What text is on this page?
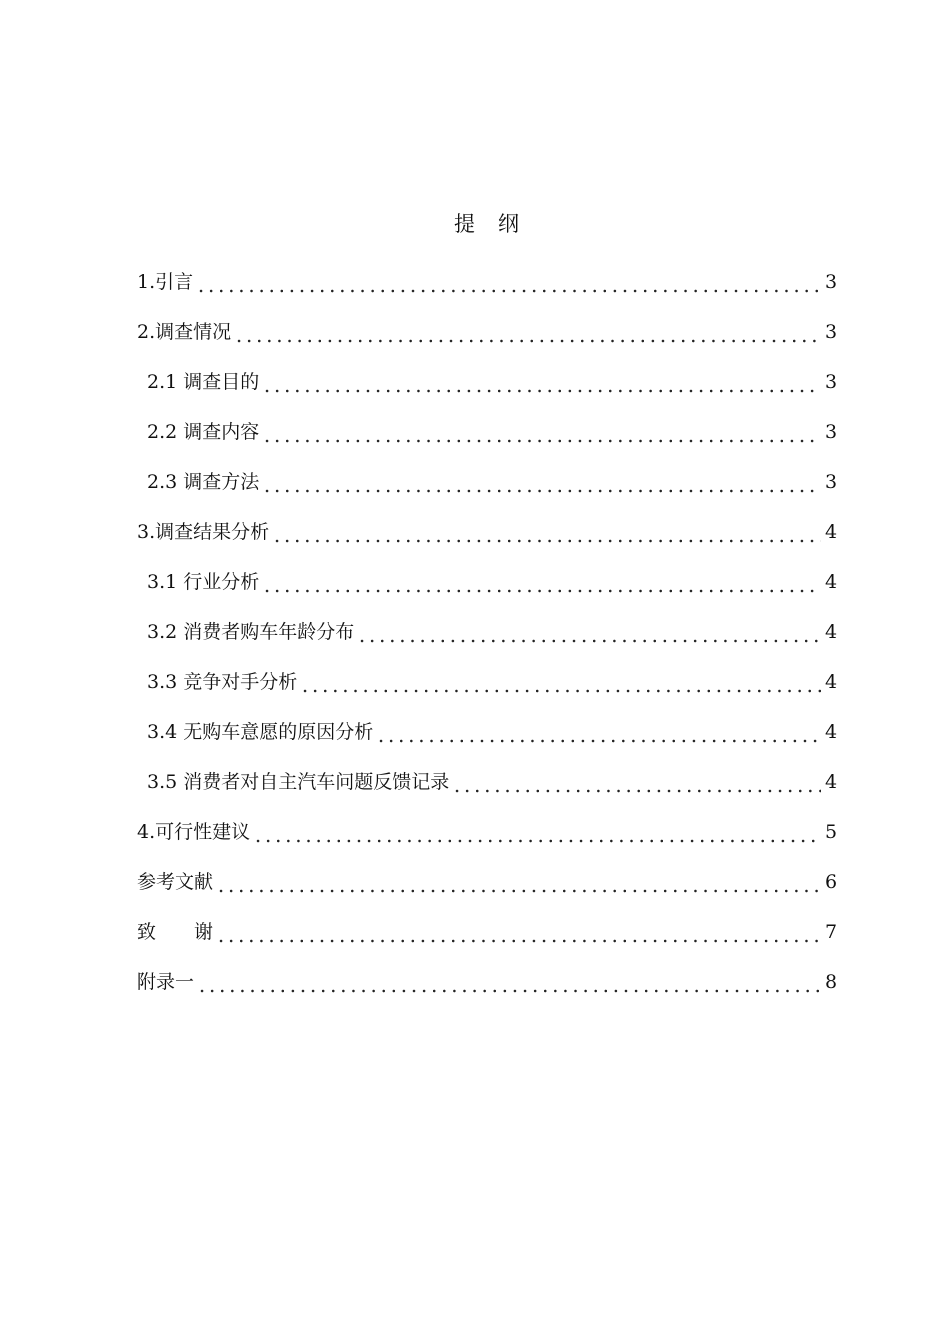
提　纲
1.引言	3
2.调查情况	3
2.1 调查目的	3
2.2 调查内容	3
2.3 调查方法	3
3.调查结果分析	4
3.1 行业分析	4
3.2 消费者购车年龄分布	4
3.3 竞争对手分析	4
3.4 无购车意愿的原因分析	4
3.5 消费者对自主汽车问题反馈记录	4
4.可行性建议	5
参考文献	6
致　　谢	7
附录一	8
